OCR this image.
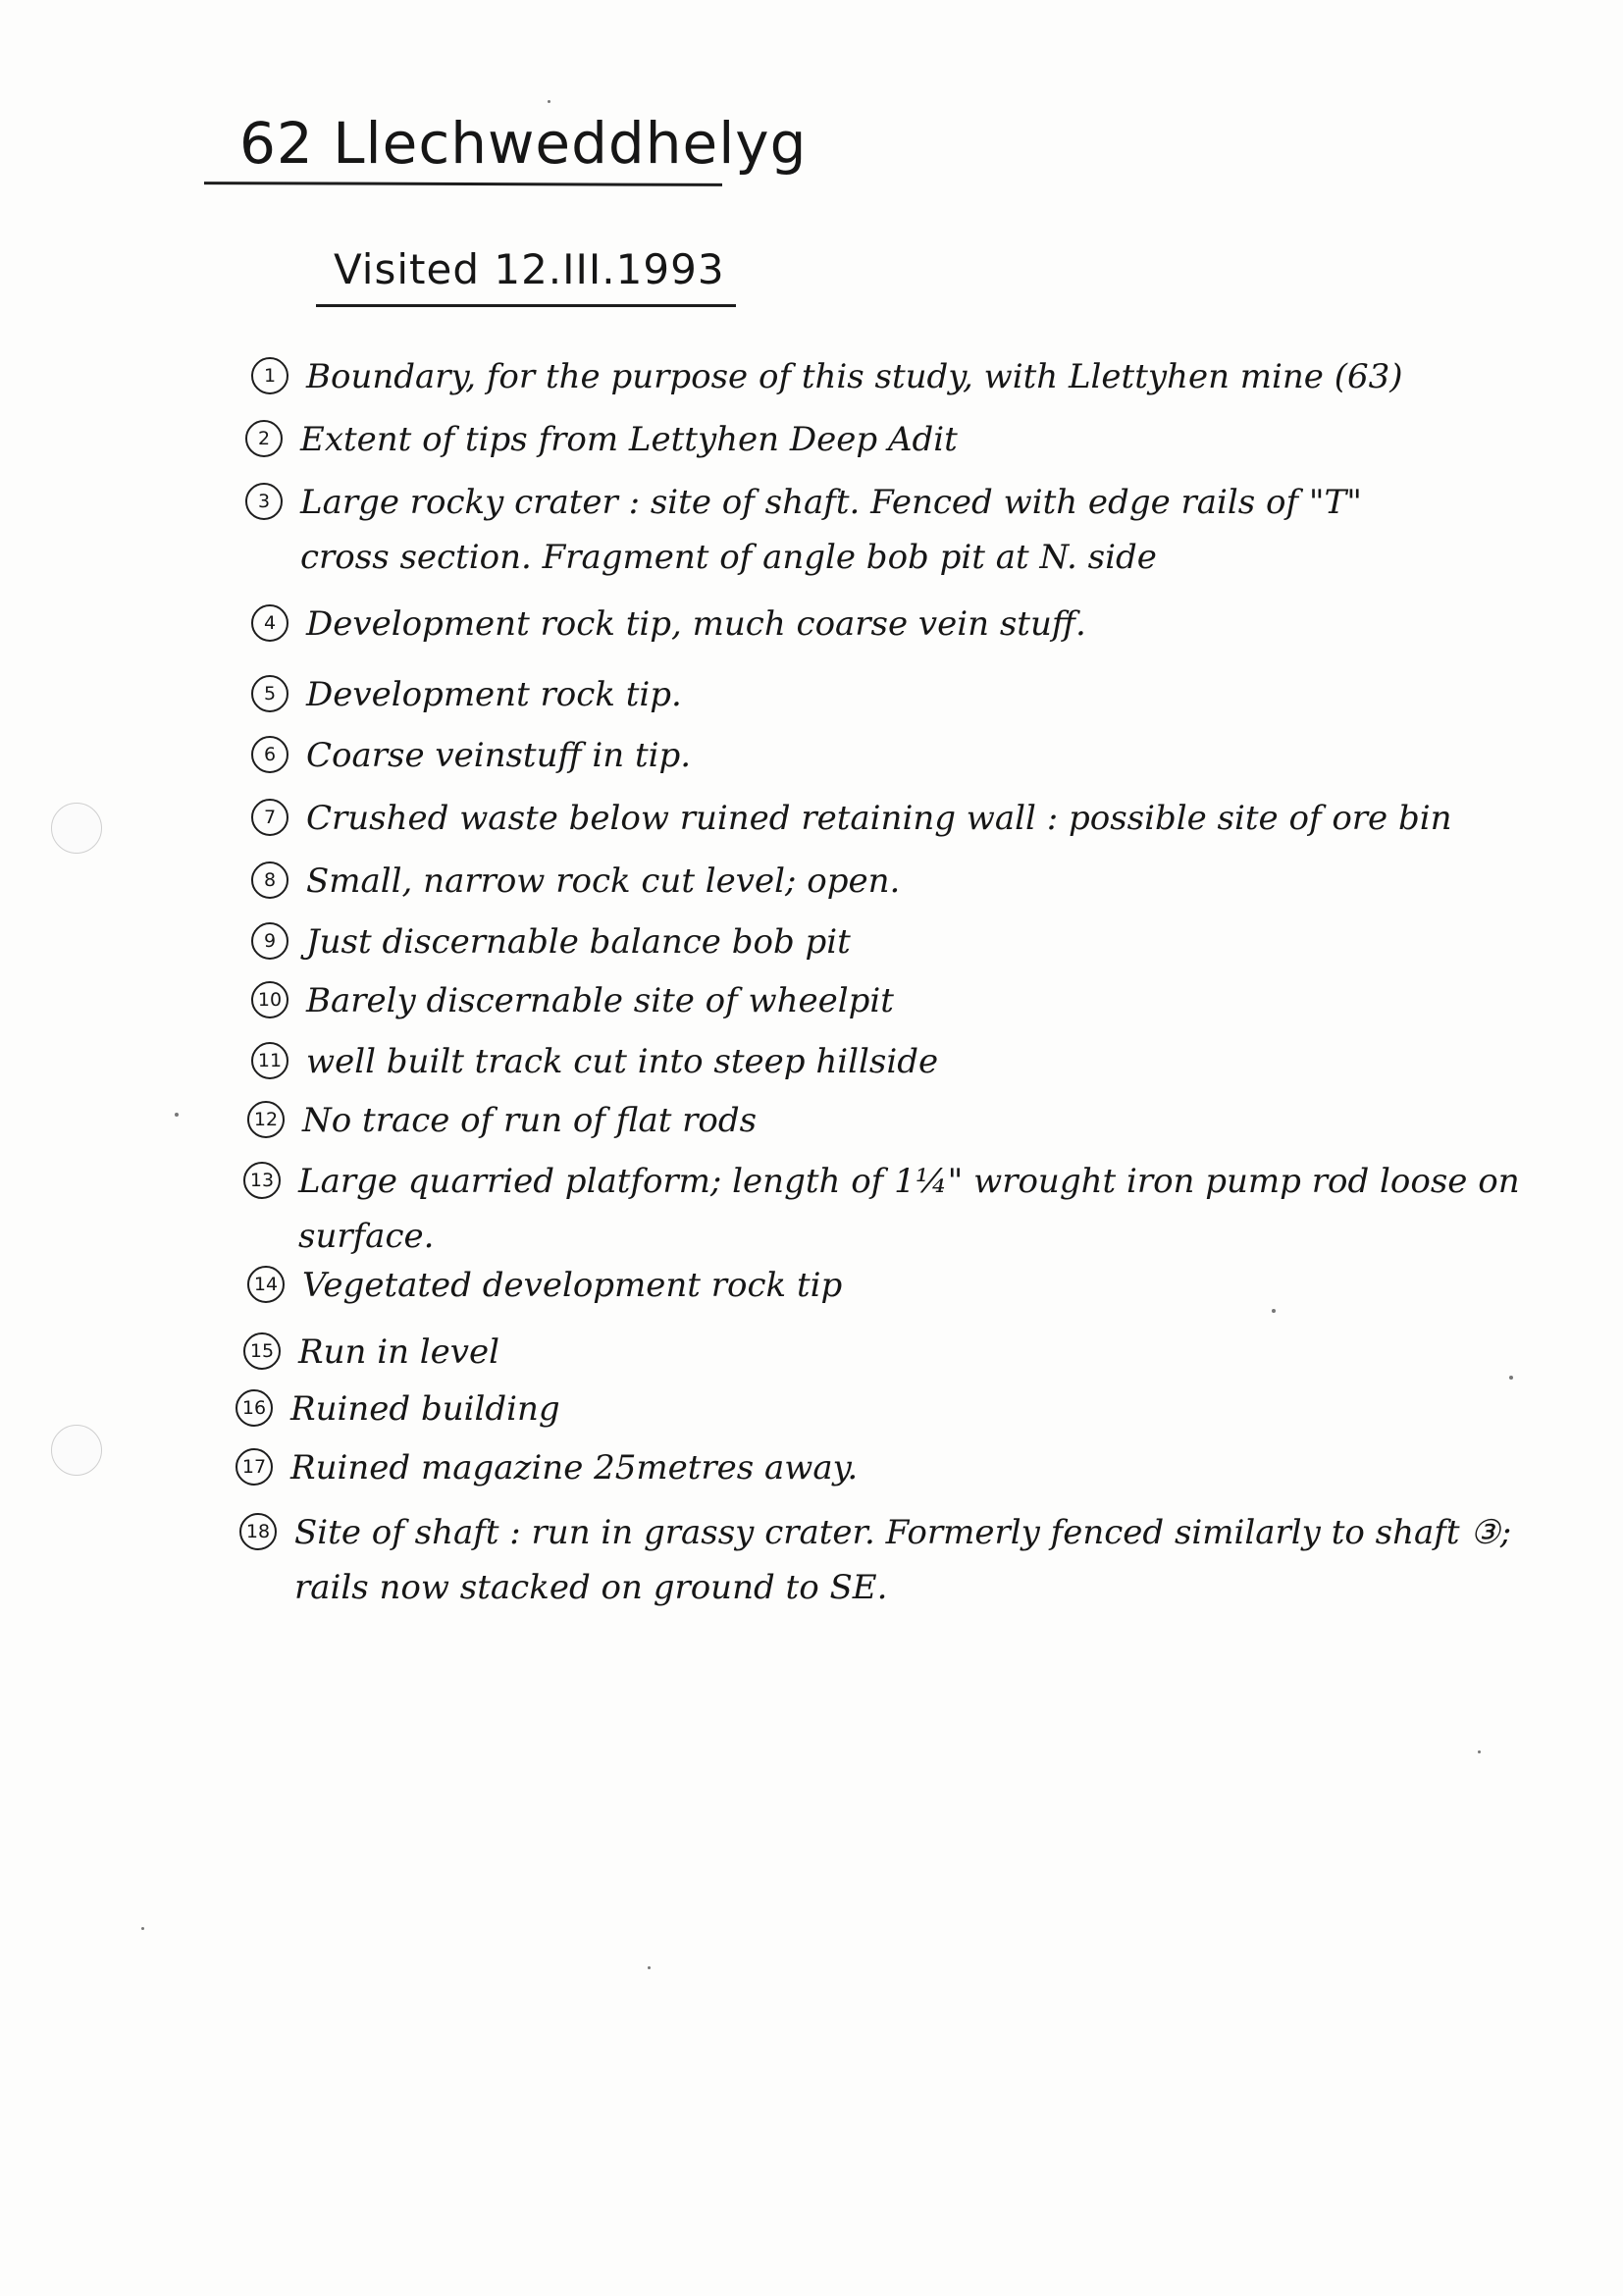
62 Llechweddhelyg
Visited 12.III.1993
1 Boundary, for the purpose of this study, with Llettyhen mine (63)
2 Extent of tips from Lettyhen Deep Adit
3 Large rocky crater : site of shaft. Fenced with edge rails of "T"
cross section. Fragment of angle bob pit at N. side
4 Development rock tip, much coarse vein stuff.
5 Development rock tip.
6 Coarse veinstuff in tip.
7 Crushed waste below ruined retaining wall : possible site of ore bin
8 Small, narrow rock cut level; open.
9 Just discernable balance bob pit
10 Barely discernable site of wheelpit
11 well built track cut into steep hillside
12 No trace of run of flat rods
13 Large quarried platform; length of 1¼" wrought iron pump rod loose on
surface.
14 Vegetated development rock tip
15 Run in level
16 Ruined building
17 Ruined magazine 25metres away.
18 Site of shaft : run in grassy crater. Formerly fenced similarly to shaft ③;
rails now stacked on ground to SE.
